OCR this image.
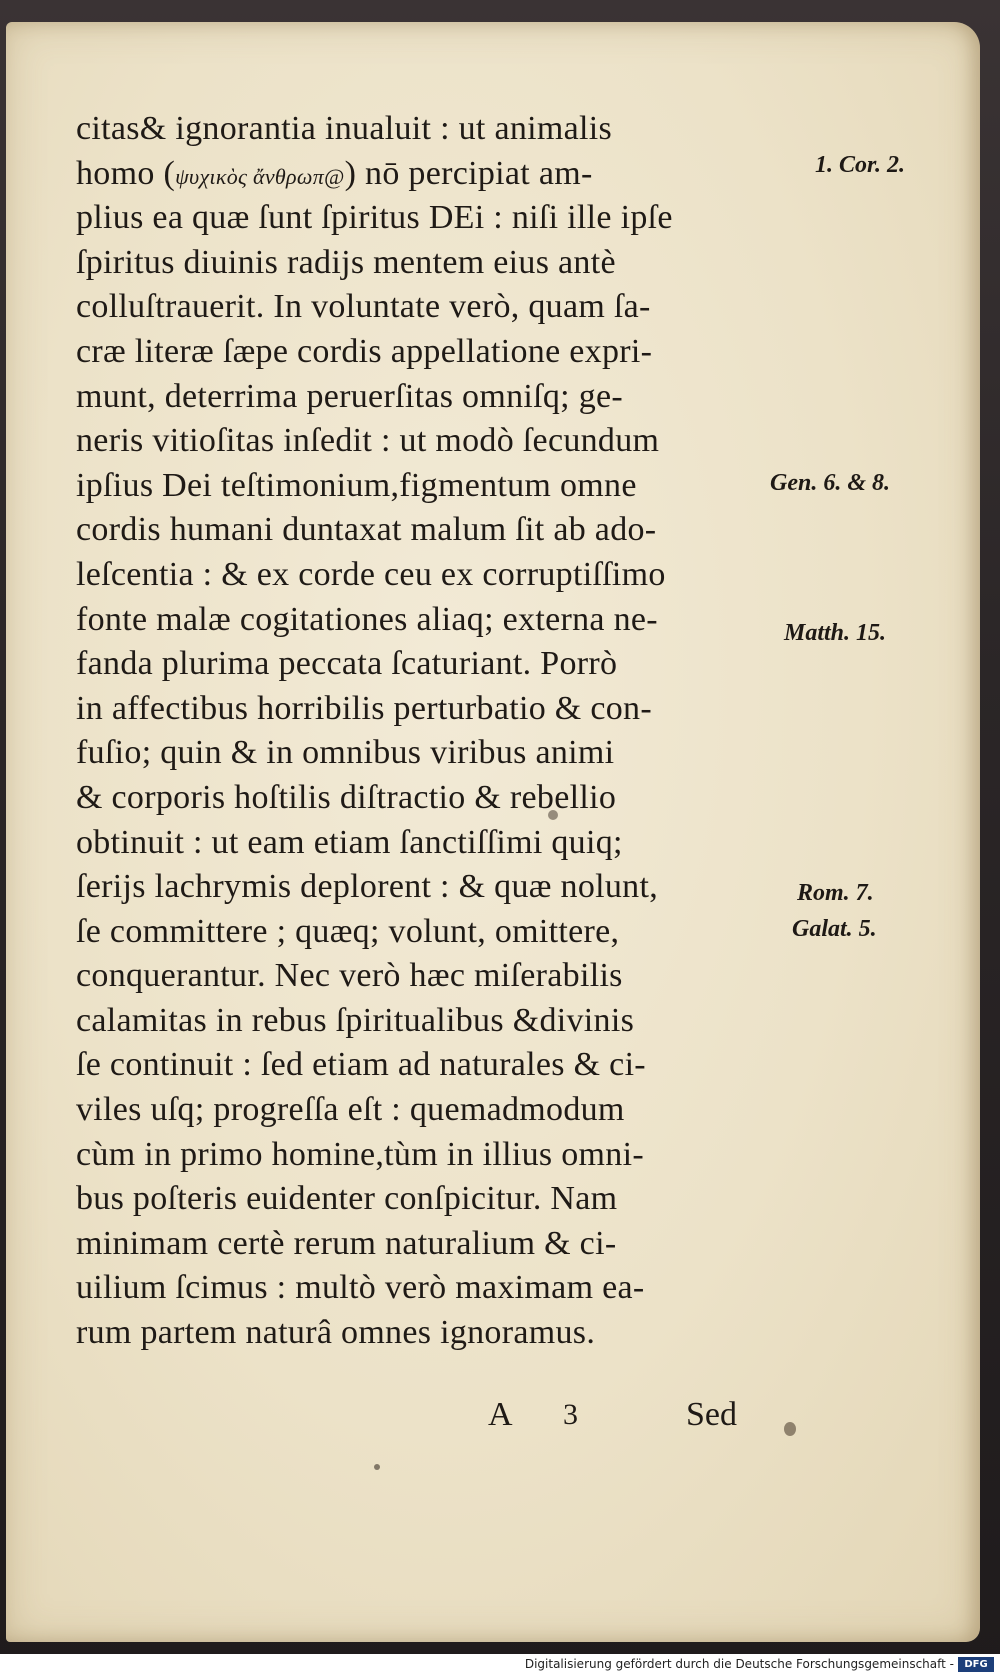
citas& ignorantia inualuit : ut animalis
homo (ψυχικὸς ἄνθρωπ@) nō percipiat am-
plius ea quæ ſunt ſpiritus DEi : niſi ille ipſe
ſpiritus diuinis radijs mentem eius antè
colluſtrauerit. In voluntate verò, quam ſa-
cræ literæ ſæpe cordis appellatione expri-
munt, deterrima peruerſitas omniſq; ge-
neris vitioſitas inſedit : ut modò ſecundum
ipſius Dei teſtimonium,figmentum omne
cordis humani duntaxat malum ſit ab ado-
leſcentia : & ex corde ceu ex corruptiſſimo
fonte malæ cogitationes aliaq; externa ne-
fanda plurima peccata ſcaturiant. Porrò
in affectibus horribilis perturbatio & con-
fuſio; quin & in omnibus viribus animi
& corporis hoſtilis diſtractio & rebellio
obtinuit : ut eam etiam ſanctiſſimi quiq;
ſerijs lachrymis deplorent : & quæ nolunt,
ſe committere ; quæq; volunt, omittere,
conquerantur. Nec verò hæc miſerabilis
calamitas in rebus ſpiritualibus &divinis
ſe continuit : ſed etiam ad naturales & ci-
viles uſq; progreſſa eſt : quemadmodum
cùm in primo homine,tùm in illius omni-
bus poſteris euidenter conſpicitur. Nam
minimam certè rerum naturalium & ci-
uilium ſcimus : multò verò maximam ea-
rum partem naturâ omnes ignoramus.
A 3	Sed
1. Cor. 2.
Gen. 6. & 8.
Matth. 15.
Rom. 7.
Galat. 5.
Digitalisierung gefördert durch die Deutsche Forschungsgemeinschaft -	DFG
